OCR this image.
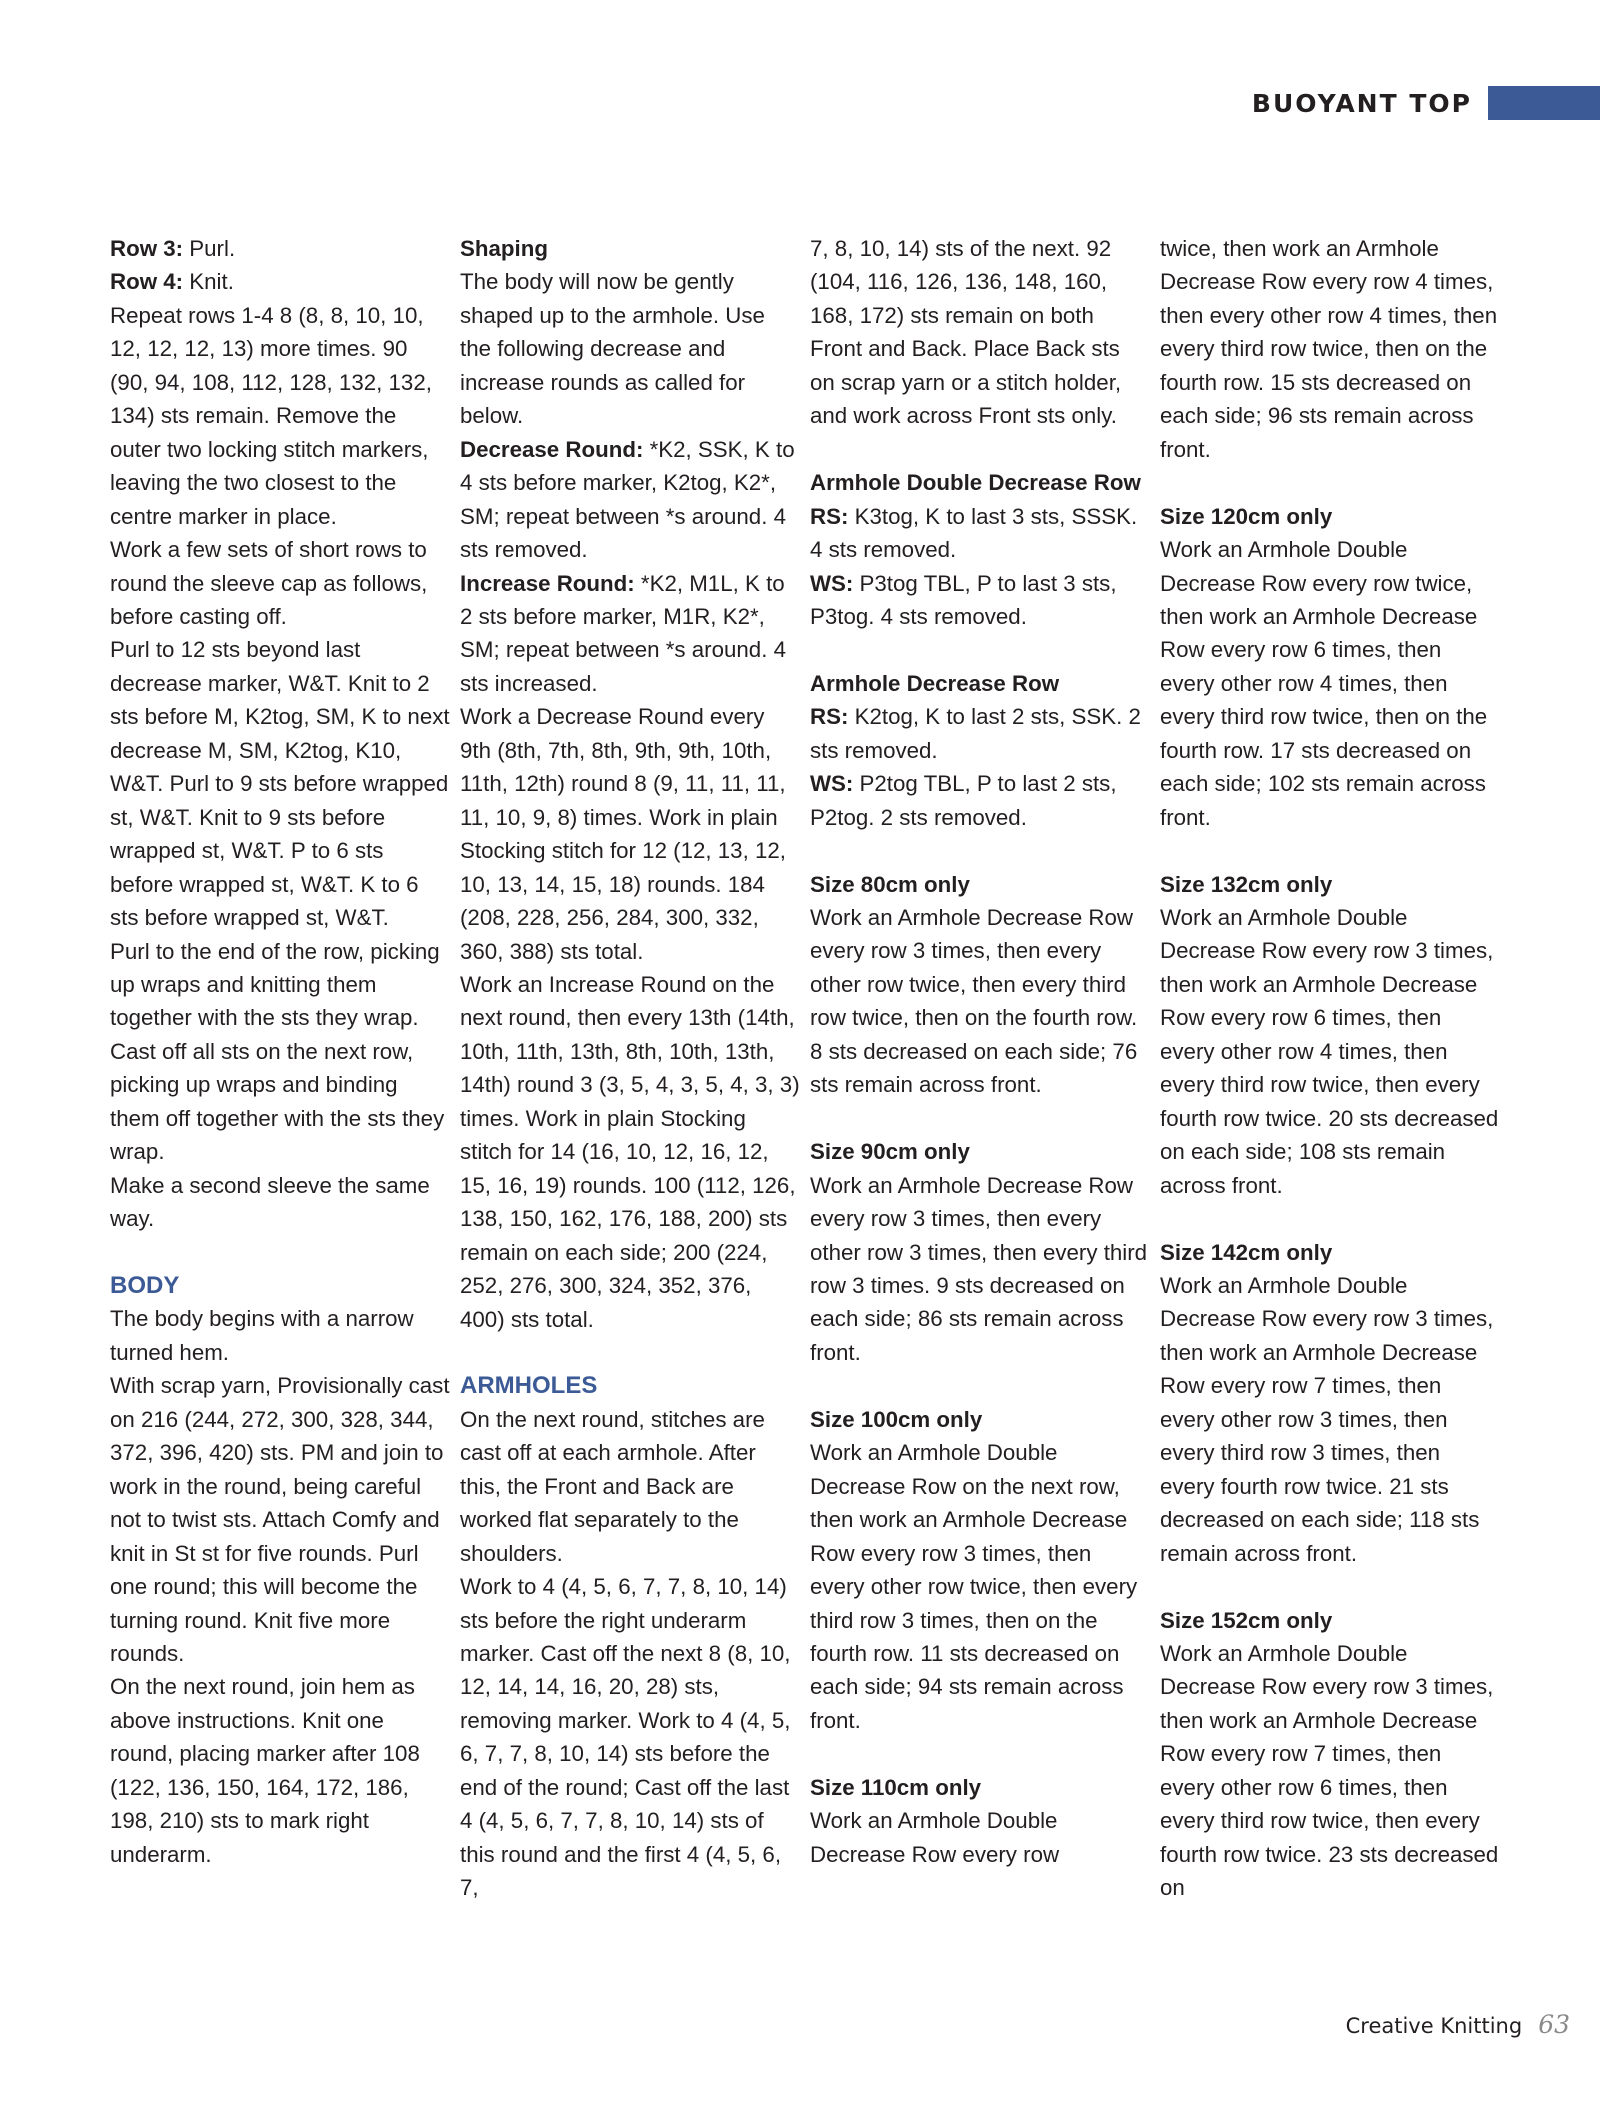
BUOYANT TOP

Row 3: Purl.

Row 4: Knit.

Repeat rows 1-4 8 (8, 8, 10, 10, 12, 12, 12, 13) more times. 90 (90, 94, 108, 112, 128, 132, 132, 134) sts remain. Remove the outer two locking stitch markers, leaving the two closest to the centre marker in place.

Work a few sets of short rows to round the sleeve cap as follows, before casting off.

Purl to 12 sts beyond last decrease marker, W&T. Knit to 2 sts before M, K2tog, SM, K to next decrease M, SM, K2tog, K10, W&T. Purl to 9 sts before wrapped st, W&T. Knit to 9 sts before wrapped st, W&T. P to 6 sts before wrapped st, W&T. K to 6 sts before wrapped st, W&T.

Purl to the end of the row, picking up wraps and knitting them together with the sts they wrap.

Cast off all sts on the next row, picking up wraps and binding them off together with the sts they wrap.

Make a second sleeve the same way.

BODY

The body begins with a narrow turned hem.

With scrap yarn, Provisionally cast on 216 (244, 272, 300, 328, 344, 372, 396, 420) sts. PM and join to work in the round, being careful not to twist sts. Attach Comfy and knit in St st for five rounds. Purl one round; this will become the turning round. Knit five more rounds.

On the next round, join hem as above instructions. Knit one round, placing marker after 108 (122, 136, 150, 164, 172, 186, 198, 210) sts to mark right underarm.

Shaping

The body will now be gently shaped up to the armhole. Use the following decrease and increase rounds as called for below.

Decrease Round: *K2, SSK, K to 4 sts before marker, K2tog, K2*, SM; repeat between *s around. 4 sts removed.

Increase Round: *K2, M1L, K to 2 sts before marker, M1R, K2*, SM; repeat between *s around. 4 sts increased.

Work a Decrease Round every 9th (8th, 7th, 8th, 9th, 9th, 10th, 11th, 12th) round 8 (9, 11, 11, 11, 11, 10, 9, 8) times. Work in plain Stocking stitch for 12 (12, 13, 12, 10, 13, 14, 15, 18) rounds. 184 (208, 228, 256, 284, 300, 332, 360, 388) sts total.

Work an Increase Round on the next round, then every 13th (14th, 10th, 11th, 13th, 8th, 10th, 13th, 14th) round 3 (3, 5, 4, 3, 5, 4, 3, 3) times. Work in plain Stocking stitch for 14 (16, 10, 12, 16, 12, 15, 16, 19) rounds. 100 (112, 126, 138, 150, 162, 176, 188, 200) sts remain on each side; 200 (224, 252, 276, 300, 324, 352, 376, 400) sts total.

ARMHOLES

On the next round, stitches are cast off at each armhole. After this, the Front and Back are worked flat separately to the shoulders.

Work to 4 (4, 5, 6, 7, 7, 8, 10, 14) sts before the right underarm marker. Cast off the next 8 (8, 10, 12, 14, 14, 16, 20, 28) sts, removing marker. Work to 4 (4, 5, 6, 7, 7, 8, 10, 14) sts before the end of the round; Cast off the last 4 (4, 5, 6, 7, 7, 8, 10, 14) sts of this round and the first 4 (4, 5, 6, 7,

7, 8, 10, 14) sts of the next. 92 (104, 116, 126, 136, 148, 160, 168, 172) sts remain on both Front and Back. Place Back sts on scrap yarn or a stitch holder, and work across Front sts only.

Armhole Double Decrease Row

RS: K3tog, K to last 3 sts, SSSK. 4 sts removed.

WS: P3tog TBL, P to last 3 sts, P3tog. 4 sts removed.

Armhole Decrease Row

RS: K2tog, K to last 2 sts, SSK. 2 sts removed.

WS: P2tog TBL, P to last 2 sts, P2tog. 2 sts removed.

Size 80cm only

Work an Armhole Decrease Row every row 3 times, then every other row twice, then every third row twice, then on the fourth row. 8 sts decreased on each side; 76 sts remain across front.

Size 90cm only

Work an Armhole Decrease Row every row 3 times, then every other row 3 times, then every third row 3 times. 9 sts decreased on each side; 86 sts remain across front.

Size 100cm only

Work an Armhole Double Decrease Row on the next row, then work an Armhole Decrease Row every row 3 times, then every other row twice, then every third row 3 times, then on the fourth row. 11 sts decreased on each side; 94 sts remain across front.

Size 110cm only

Work an Armhole Double Decrease Row every row

twice, then work an Armhole Decrease Row every row 4 times, then every other row 4 times, then every third row twice, then on the fourth row. 15 sts decreased on each side; 96 sts remain across front.

Size 120cm only

Work an Armhole Double Decrease Row every row twice, then work an Armhole Decrease Row every row 6 times, then every other row 4 times, then every third row twice, then on the fourth row. 17 sts decreased on each side; 102 sts remain across front.

Size 132cm only

Work an Armhole Double Decrease Row every row 3 times, then work an Armhole Decrease Row every row 6 times, then every other row 4 times, then every third row twice, then every fourth row twice. 20 sts decreased on each side; 108 sts remain across front.

Size 142cm only

Work an Armhole Double Decrease Row every row 3 times, then work an Armhole Decrease Row every row 7 times, then every other row 3 times, then every third row 3 times, then every fourth row twice. 21 sts decreased on each side; 118 sts remain across front.

Size 152cm only

Work an Armhole Double Decrease Row every row 3 times, then work an Armhole Decrease Row every row 7 times, then every other row 6 times, then every third row twice, then every fourth row twice. 23 sts decreased on

Creative Knitting 63
